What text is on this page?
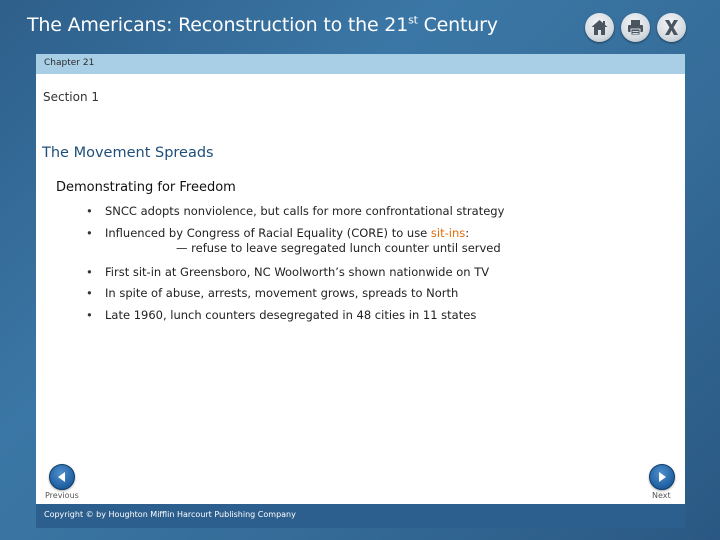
The Americans: Reconstruction to the 21st Century
Chapter 21
Section 1
The Movement Spreads
Demonstrating for Freedom
• SNCC adopts nonviolence, but calls for more confrontational strategy
• Influenced by Congress of Racial Equality (CORE) to use sit-ins:
— refuse to leave segregated lunch counter until served
• First sit-in at Greensboro, NC Woolworth’s shown nationwide on TV
• In spite of abuse, arrests, movement grows, spreads to North
• Late 1960, lunch counters desegregated in 48 cities in 11 states
Previous	Next
Copyright © by Houghton Mifflin Harcourt Publishing Company
